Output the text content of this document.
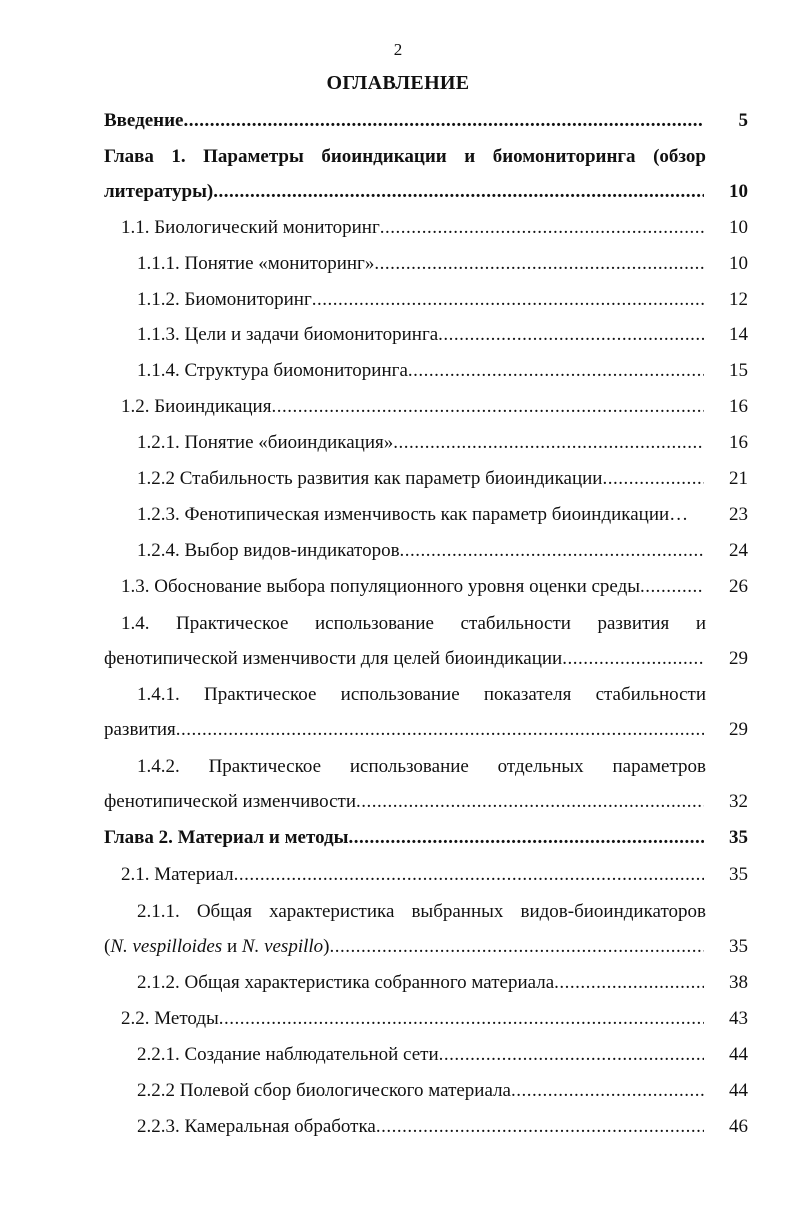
2
ОГЛАВЛЕНИЕ
Введение .....	5
Глава 1. Параметры биоиндикации и биомониторинга (обзор
литературы) .....	10
1.1. Биологический мониторинг .....	10
1.1.1. Понятие «мониторинг» .....	10
1.1.2. Биомониторинг .....	12
1.1.3. Цели и задачи биомониторинга .....	14
1.1.4. Структура биомониторинга .....	15
1.2. Биоиндикация .....	16
1.2.1. Понятие «биоиндикация» .....	16
1.2.2 Стабильность развития как параметр биоиндикации .....	21
1.2.3. Фенотипическая изменчивость как параметр биоиндикации…	23
1.2.4. Выбор видов-индикаторов .....	24
1.3. Обоснование выбора популяционного уровня оценки среды .....	26
1.4. Практическое использование стабильности развития и
фенотипической изменчивости для целей биоиндикации .....	29
1.4.1. Практическое использование показателя стабильности
развития .....	29
1.4.2. Практическое использование отдельных параметров
фенотипической изменчивости .....	32
Глава 2. Материал и методы .....	35
2.1. Материал .....	35
2.1.1. Общая характеристика выбранных видов-биоиндикаторов
(N. vespilloides и N. vespillo) .....	35
2.1.2. Общая характеристика собранного материала .....	38
2.2. Методы .....	43
2.2.1. Создание наблюдательной сети .....	44
2.2.2 Полевой сбор биологического материала .....	44
2.2.3. Камеральная обработка .....	46
